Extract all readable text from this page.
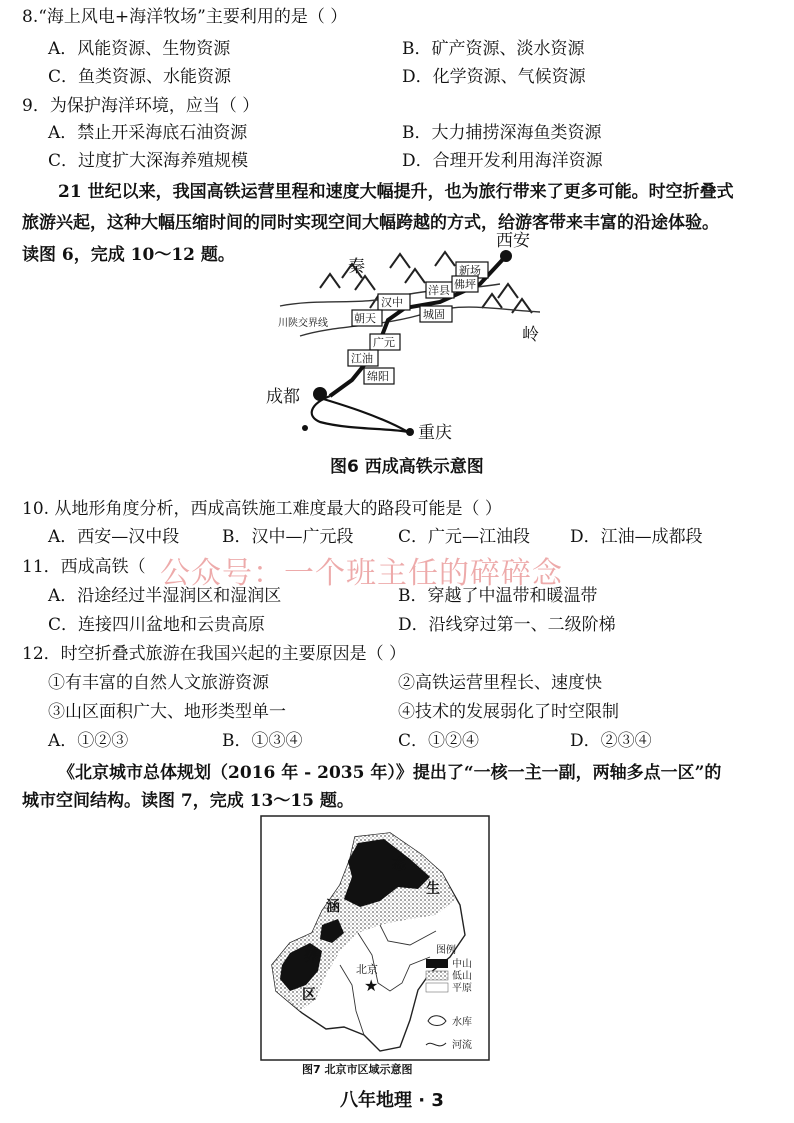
8.“海上风电+海洋牧场”主要利用的是（ ）
A．风能资源、生物资源	B．矿产资源、淡水资源
C．鱼类资源、水能资源	D．化学资源、气候资源
9．为保护海洋环境，应当（ ）
A．禁止开采海底石油资源	B．大力捕捞深海鱼类资源
C．过度扩大深海养殖规模	D．合理开发利用海洋资源
21 世纪以来，我国高铁运营里程和速度大幅提升，也为旅行带来了更多可能。时空折叠式
旅游兴起，这种大幅压缩时间的同时实现空间大幅跨越的方式，给游客带来丰富的沿途体验。
读图 6，完成 10～12 题。
新场
洋县 佛坪
汉中
城固
朝天
广元
江油
绵阳
川陕交界线
西安
秦
岭
成都
重庆
图6 西成高铁示意图
10. 从地形角度分析，西成高铁施工难度最大的路段可能是（ ）
A．西安—汉中段	B．汉中—广元段	C．广元—江油段 D．江油—成都段
11．西成高铁（ 公众号：一个班主任的碎碎念
A．沿途经过半湿润区和湿润区	B．穿越了中温带和暖温带
C．连接四川盆地和云贵高原	D．沿线穿过第一、二级阶梯
12．时空折叠式旅游在我国兴起的主要原因是（ ）
①有丰富的自然人文旅游资源	②高铁运营里程长、速度快
③山区面积广大、地形类型单一	④技术的发展弱化了时空限制
A．①②③	B．①③④	C．①②④	D．②③④
《北京城市总体规划（2016 年 - 2035 年）》提出了“一核一主一副，两轴多点一区”的
城市空间结构。读图 7，完成 13～15 题。
★
北京
态
生
涵
养
区
图例
中山
低山
平原
水库
河流
图7 北京市区域示意图
八年地理 · 3
